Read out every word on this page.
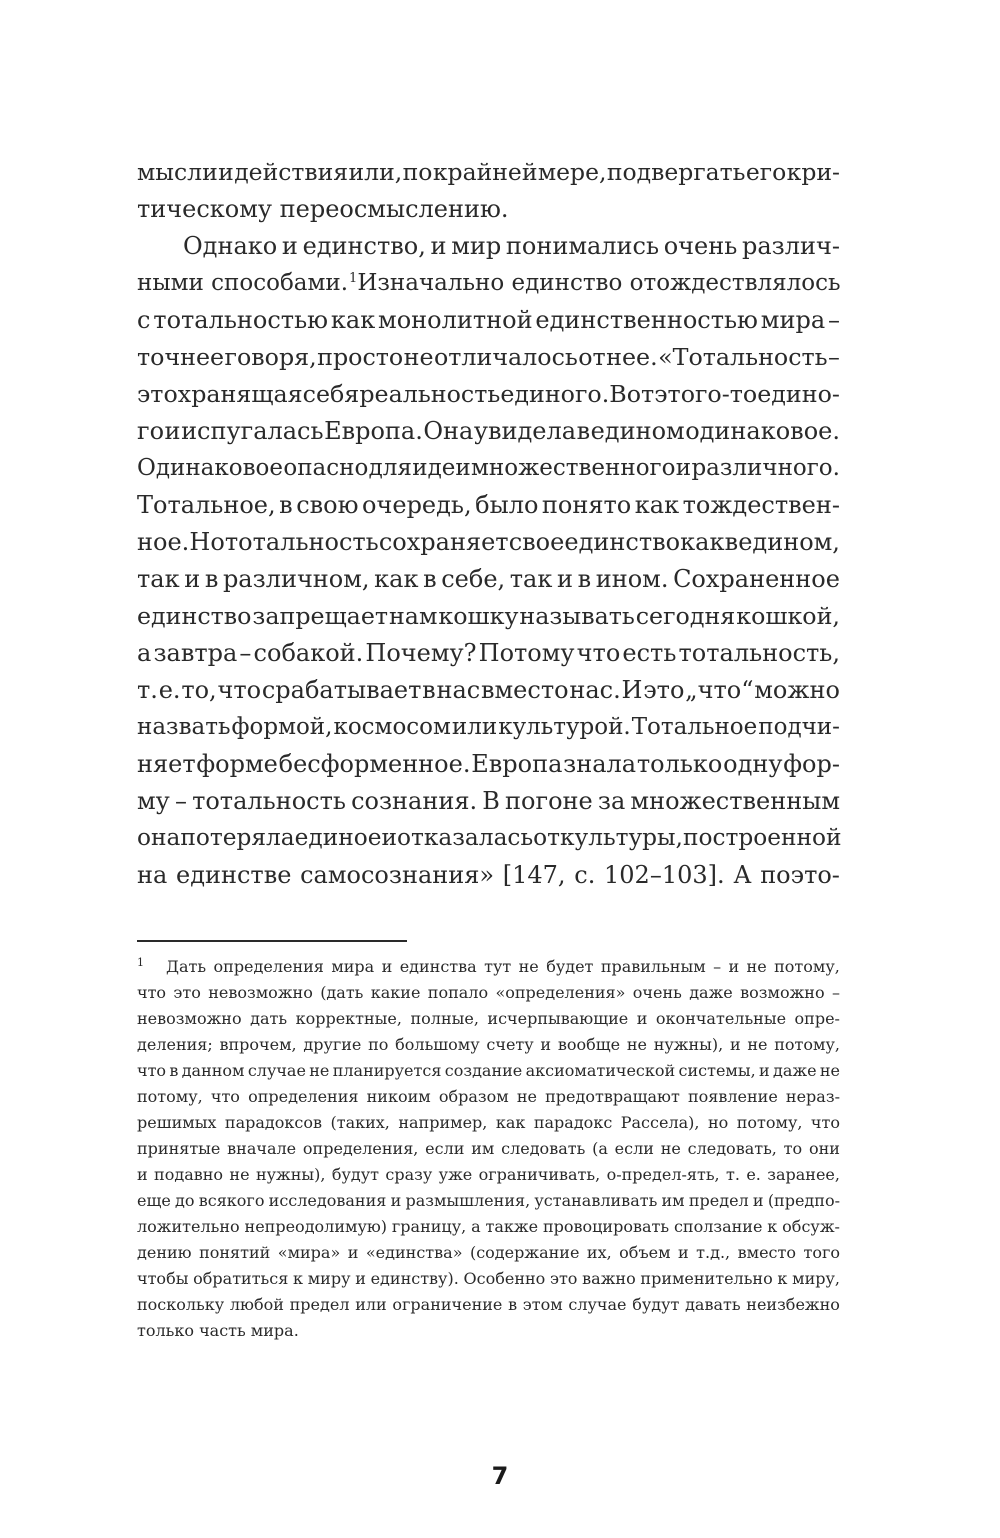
мысли и действия или, по крайней мере, подвергать его кри-
тическому переосмыслению.
Однако и единство, и мир понимались очень различ-
ными способами.$^1$ Изначально единство отождествлялось
с тотальностью как монолитной единственностью мира –
точнее говоря, просто не отличалось от нее. «Тотальность –
это хранящая себя реальность единого. Вот этого-то едино-
го и испугалась Европа. Она увидела в едином одинаковое.
Одинаковое опасно для идеи множественного и различного.
Тотальное, в свою очередь, было понято как тождествен-
ное. Но тотальность сохраняет свое единство как в едином,
так и в различном, как в себе, так и в ином. Сохраненное
единство запрещает нам кошку называть сегодня кошкой,
а завтра – собакой. Почему? Потому что есть тотальность,
т. е. то, что срабатывает в нас вместо нас. И это „что“ можно
назвать формой, космосом или культурой. Тотальное подчи-
няет форме бесформенное. Европа знала только одну фор-
му – тотальность сознания. В погоне за множественным
она потеряла единое и отказалась от культуры, построенной
на единстве самосознания» [147, с. 102–103]. А поэто-
1 Дать определения мира и единства тут не будет правильным – и не потому,
что это невозможно (дать какие попало «определения» очень даже возможно –
невозможно дать корректные, полные, исчерпывающие и окончательные опре-
деления; впрочем, другие по большому счету и вообще не нужны), и не потому,
что в данном случае не планируется создание аксиоматической системы, и даже не
потому, что определения никоим образом не предотвращают появление нераз-
решимых парадоксов (таких, например, как парадокс Рассела), но потому, что
принятые вначале определения, если им следовать (а если не следовать, то они
и подавно не нужны), будут сразу уже ограничивать, о-предел-ять, т. е. заранее,
еще до всякого исследования и размышления, устанавливать им предел и (предпо-
ложительно непреодолимую) границу, а также провоцировать сползание к обсуж-
дению понятий «мира» и «единства» (содержание их, объем и т.д., вместо того
чтобы обратиться к миру и единству). Особенно это важно применительно к миру,
поскольку любой предел или ограничение в этом случае будут давать неизбежно
только часть мира.
7
